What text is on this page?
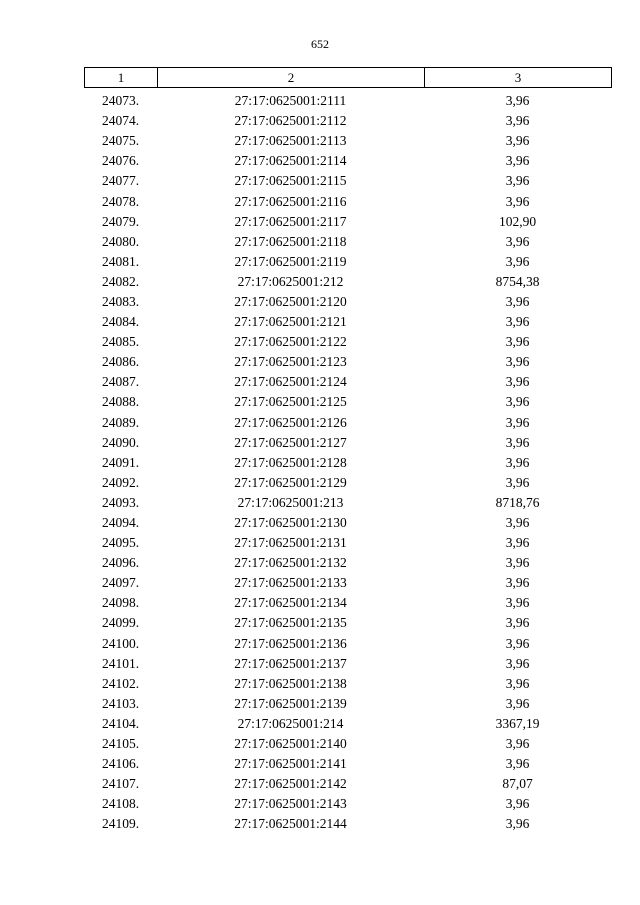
652
1	2	3
24073.	27:17:0625001:2111	3,96
24074.	27:17:0625001:2112	3,96
24075.	27:17:0625001:2113	3,96
24076.	27:17:0625001:2114	3,96
24077.	27:17:0625001:2115	3,96
24078.	27:17:0625001:2116	3,96
24079.	27:17:0625001:2117	102,90
24080.	27:17:0625001:2118	3,96
24081.	27:17:0625001:2119	3,96
24082.	27:17:0625001:212	8754,38
24083.	27:17:0625001:2120	3,96
24084.	27:17:0625001:2121	3,96
24085.	27:17:0625001:2122	3,96
24086.	27:17:0625001:2123	3,96
24087.	27:17:0625001:2124	3,96
24088.	27:17:0625001:2125	3,96
24089.	27:17:0625001:2126	3,96
24090.	27:17:0625001:2127	3,96
24091.	27:17:0625001:2128	3,96
24092.	27:17:0625001:2129	3,96
24093.	27:17:0625001:213	8718,76
24094.	27:17:0625001:2130	3,96
24095.	27:17:0625001:2131	3,96
24096.	27:17:0625001:2132	3,96
24097.	27:17:0625001:2133	3,96
24098.	27:17:0625001:2134	3,96
24099.	27:17:0625001:2135	3,96
24100.	27:17:0625001:2136	3,96
24101.	27:17:0625001:2137	3,96
24102.	27:17:0625001:2138	3,96
24103.	27:17:0625001:2139	3,96
24104.	27:17:0625001:214	3367,19
24105.	27:17:0625001:2140	3,96
24106.	27:17:0625001:2141	3,96
24107.	27:17:0625001:2142	87,07
24108.	27:17:0625001:2143	3,96
24109.	27:17:0625001:2144	3,96
